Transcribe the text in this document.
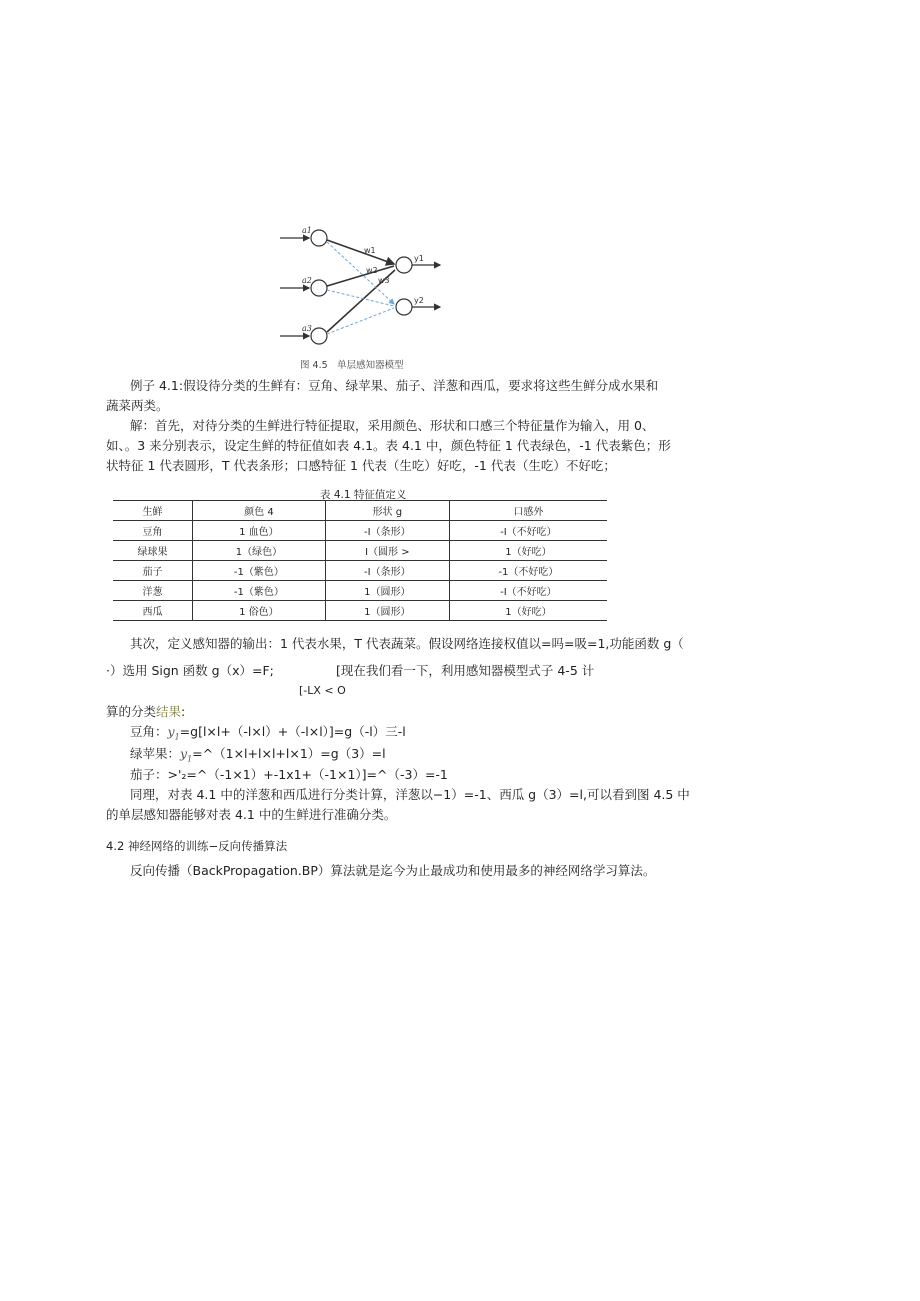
a1
a2
a3
w1
w2
w3
y1
y2
图 4.5　单层感知器模型
例子 4.1:假设待分类的生鲜有：豆角、绿苹果、茄子、洋葱和西瓜，要求将这些生鲜分成水果和
蔬菜两类。
解：首先，对待分类的生鲜进行特征提取，采用颜色、形状和口感三个特征量作为输入，用 0、
如、。3 来分别表示，设定生鲜的特征值如表 4.1。表 4.1 中，颜色特征 1 代表绿色，-1 代表紫色；形
状特征 1 代表圆形，T 代表条形；口感特征 1 代表（生吃）好吃，-1 代表（生吃）不好吃；
表 4.1 特征值定义
生鲜	颜色 4	形状 g	口感外
豆角	1 血色）	-I（条形）	-I（不好吃）
绿球果	1（绿色）	I（圆形 >	1（好吃）
茄子	-1（紫色）	-I（条形）	-1（不好吃）
洋葱	-1（紫色）	1（圆形）	-I（不好吃）
西瓜	1 俗色）	1（圆形）	1（好吃）
其次，定义感知器的输出：1 代表水果，T 代表蔬菜。假设网络连接权值以=吗=吸=1,功能函数 g（
·）选用 Sign 函数 g（x）=F;	[现在我们看一下，利用感知器模型式子 4-5 计
[-LX < O
算的分类结果:
豆角：$y_1=g[l\times l+(-l\times l)+(-l\times l)]=g(-l)$三-l
绿苹果：$y_1=\^{}(1\times l+l\times l+l\times 1)=g(3)=l$
茄子：>'₂=^（-1×1）+-1x1+（-1×1）]=^（-3）=-1
同理，对表 4.1 中的洋葱和西瓜进行分类计算，洋葱以−1）=-1、西瓜 g（3）=l,可以看到图 4.5 中
的单层感知器能够对表 4.1 中的生鲜进行准确分类。
4.2 神经网络的训练−反向传播算法
反向传播（BackPropagation.BP）算法就是迄今为止最成功和使用最多的神经网络学习算法。
